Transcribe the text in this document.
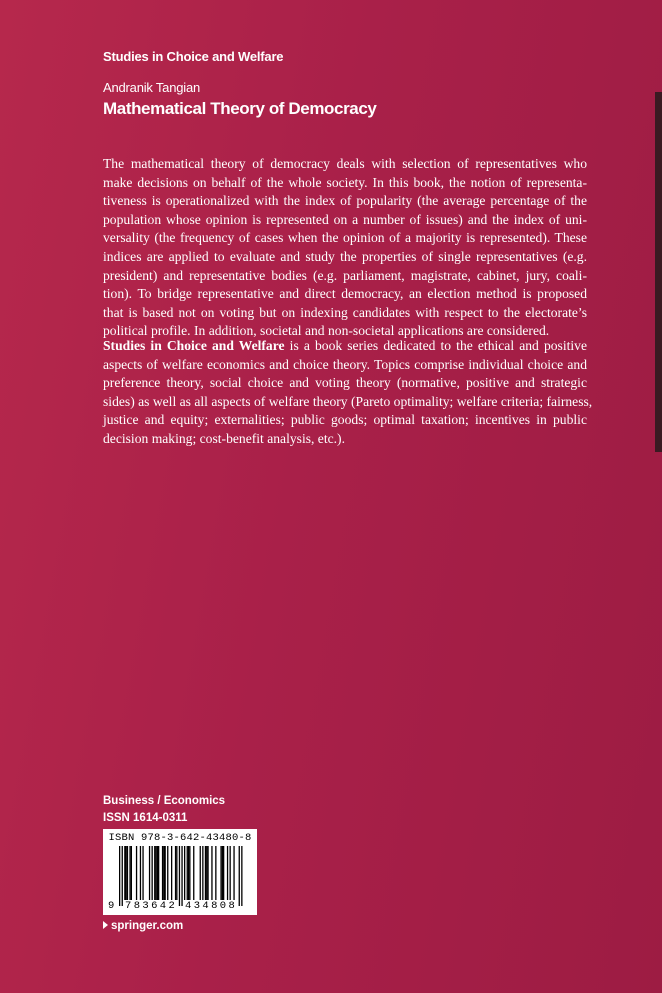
Studies in Choice and Welfare
Andranik Tangian
Mathematical Theory of Democracy
The mathematical theory of democracy deals with selection of representatives who
make decisions on behalf of the whole society. In this book, the notion of representa-
tiveness is operationalized with the index of popularity (the average percentage of the
population whose opinion is represented on a number of issues) and the index of uni-
versality (the frequency of cases when the opinion of a majority is represented). These
indices are applied to evaluate and study the properties of single representatives (e.g.
president) and representative bodies (e.g. parliament, magistrate, cabinet, jury, coali-
tion). To bridge representative and direct democracy, an election method is proposed
that is based not on voting but on indexing candidates with respect to the electorate’s
political profile. In addition, societal and non-societal applications are considered.
Studies in Choice and Welfare is a book series dedicated to the ethical and positive
aspects of welfare economics and choice theory. Topics comprise individual choice and
preference theory, social choice and voting theory (normative, positive and strategic
sides) as well as all aspects of welfare theory (Pareto optimality; welfare criteria; fairness,
justice and equity; externalities; public goods; optimal taxation; incentives in public
decision making; cost-benefit analysis, etc.).
Business / Economics
ISSN 1614-0311
ISBN 978-3-642-43480-8
9 783642 434808
springer.com
